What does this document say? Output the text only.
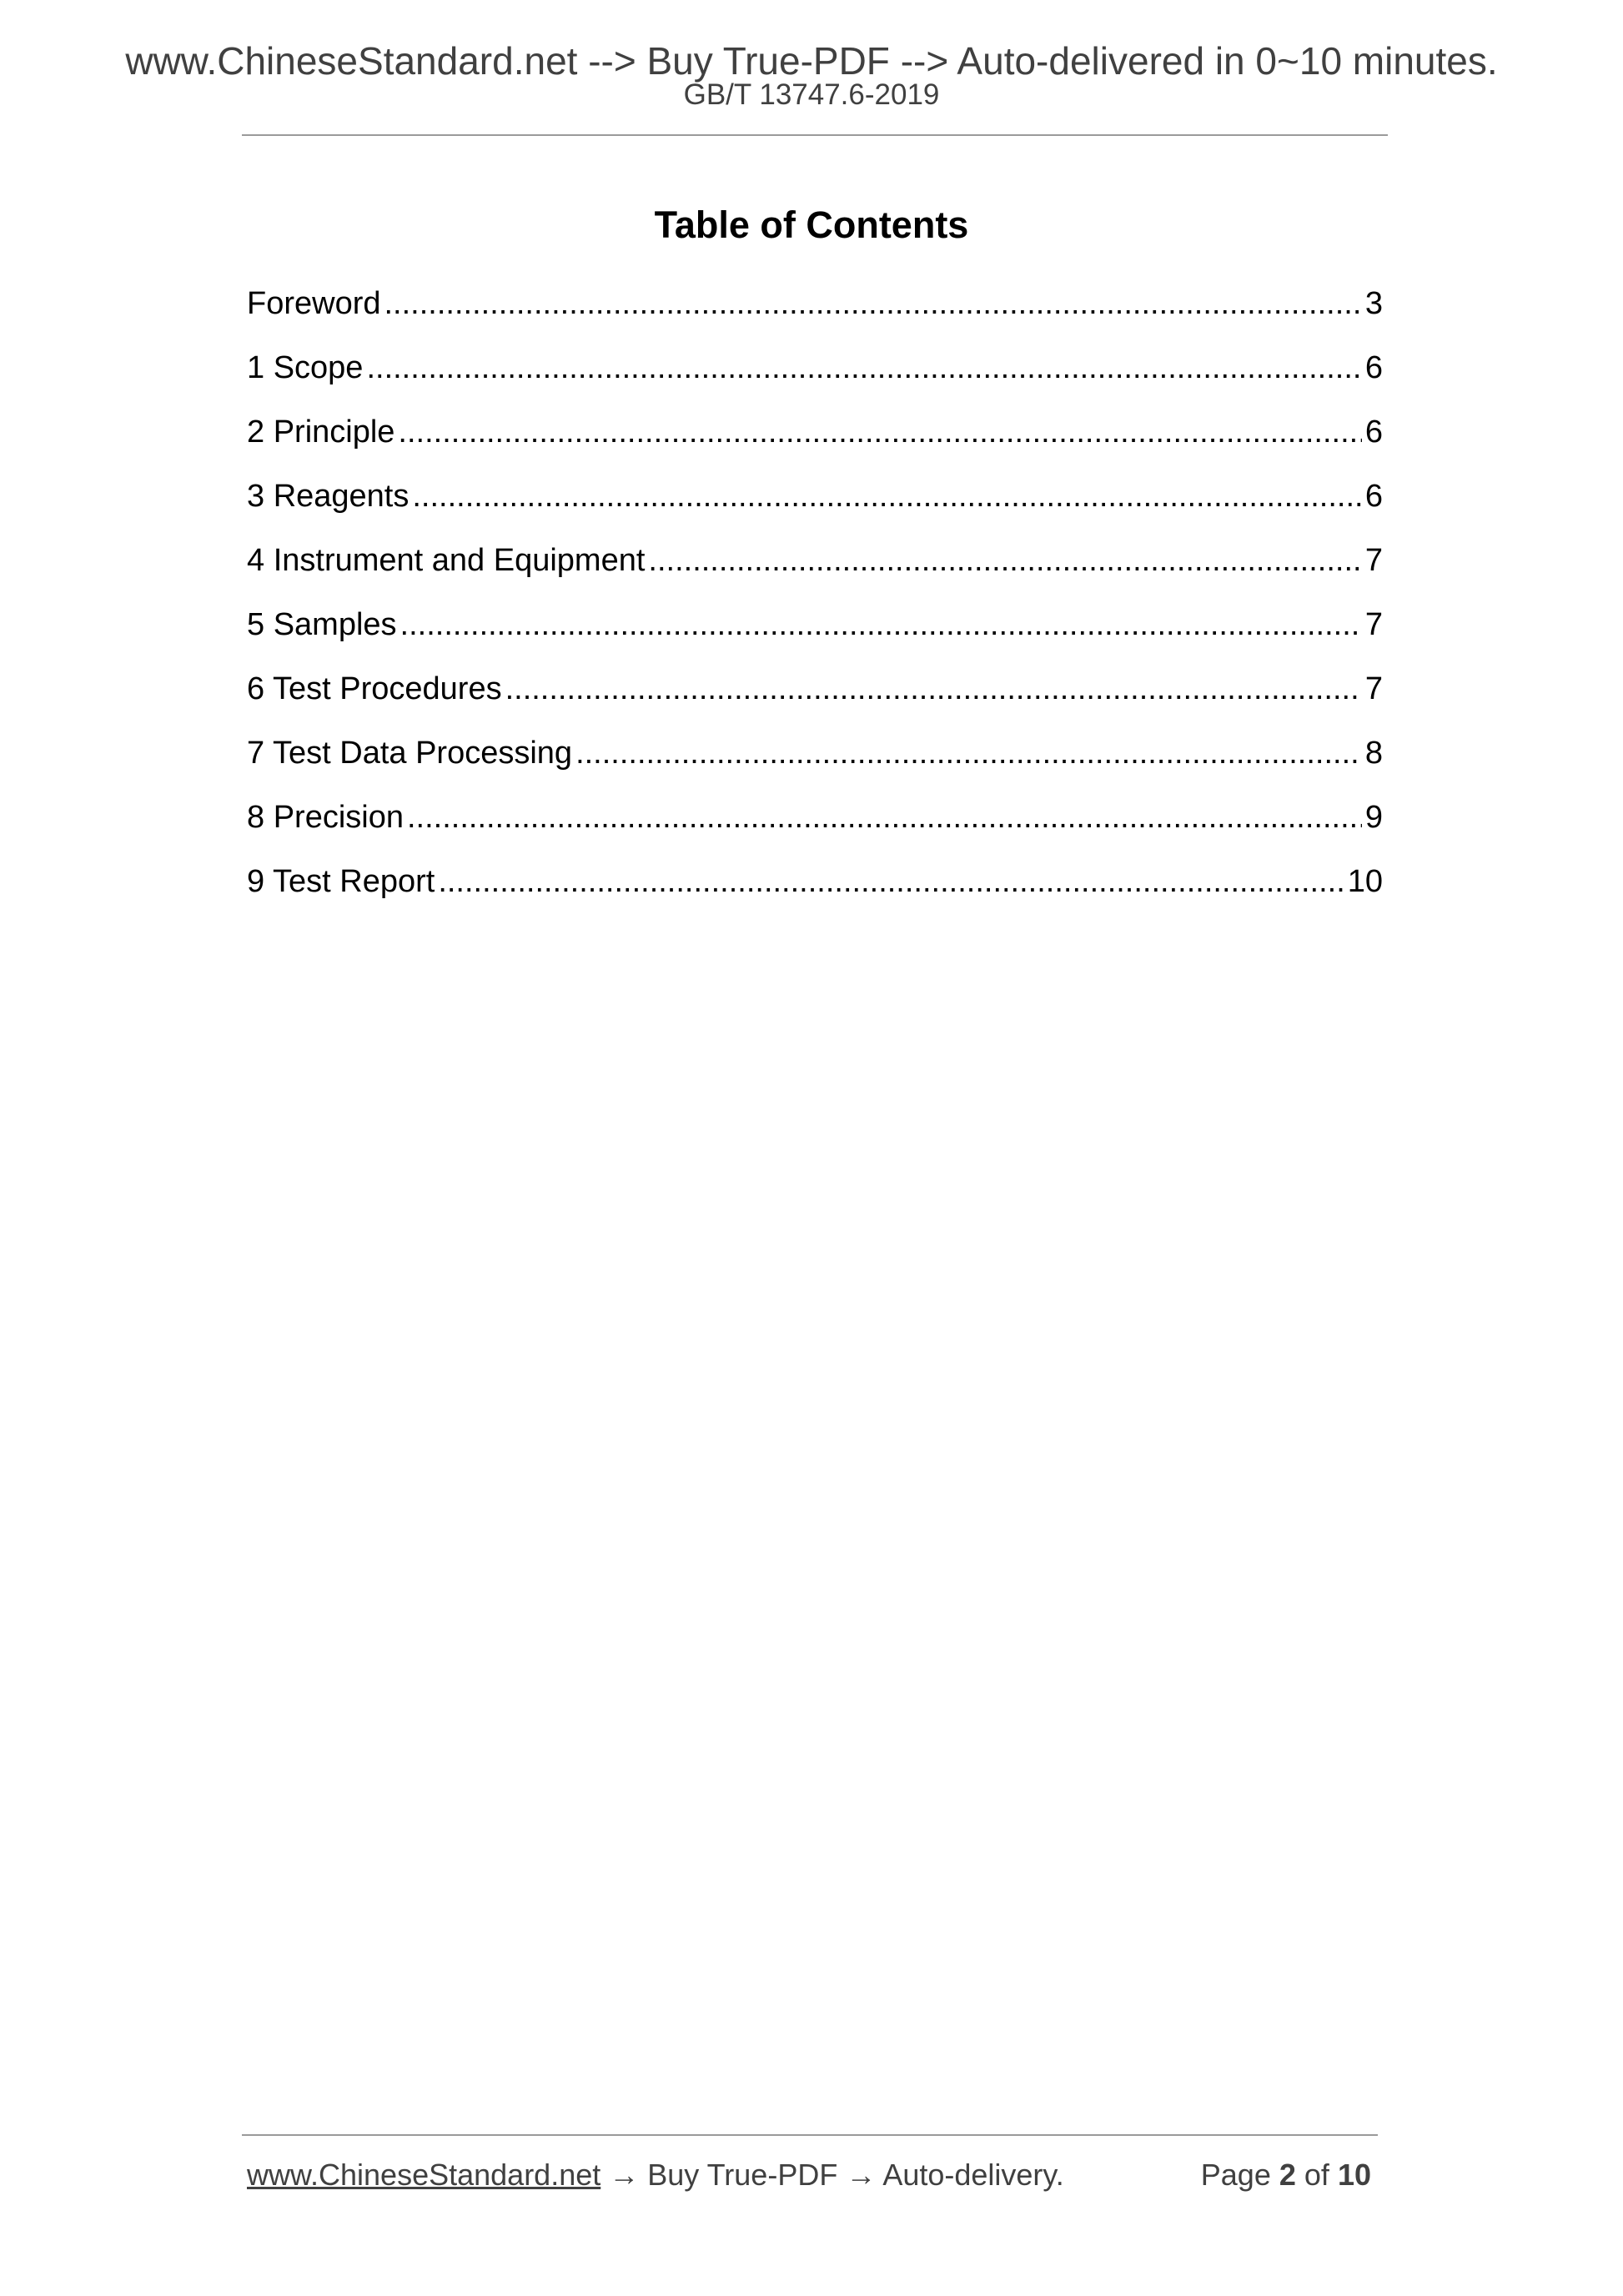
www.ChineseStandard.net --> Buy True-PDF --> Auto-delivered in 0~10 minutes.
GB/T 13747.6-2019
Table of Contents
Foreword .....	3
1 Scope .....	6
2 Principle .....	6
3 Reagents .....	6
4 Instrument and Equipment .....	7
5 Samples .....	7
6 Test Procedures .....	7
7 Test Data Processing .....	8
8 Precision .....	9
9 Test Report .....	10
www.ChineseStandard.net → Buy True-PDF → Auto-delivery.	Page 2 of 10
